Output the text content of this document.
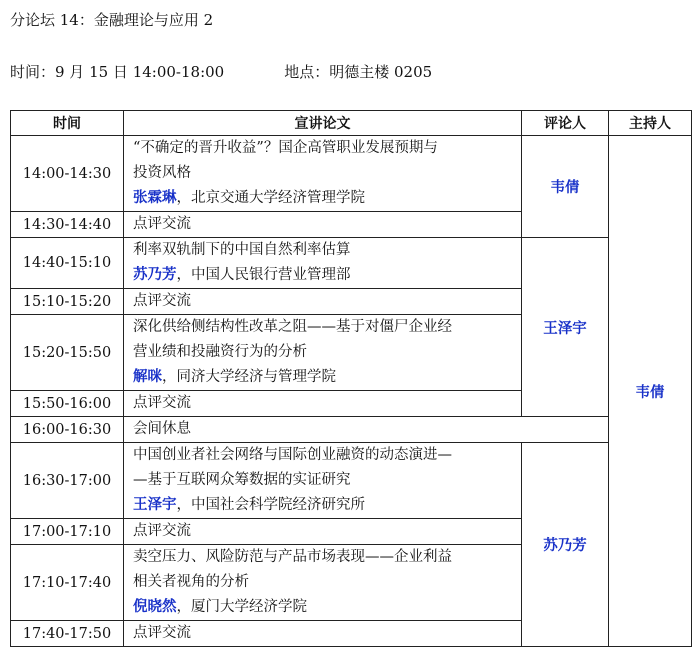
分论坛 14：金融理论与应用 2
时间：9 月 15 日 14:00-18:00	地点：明德主楼 0205
时间	宣讲论文	评论人	主持人
14:00-14:30	“不确定的晋升收益”？国企高管职业发展预期与
投资风格
张霖琳，北京交通大学经济管理学院	韦倩	韦倩
14:30-14:40	点评交流		

14:40-15:10	利率双轨制下的中国自然利率估算
苏乃芳，中国人民银行营业管理部	王泽宇	
15:10-15:20	点评交流		

15:20-15:50	深化供给侧结构性改革之阻——基于对僵尸企业经
营业绩和投融资行为的分析
解咪，同济大学经济与管理学院		

15:50-16:00	点评交流		

16:00-16:30	会间休息		

16:30-17:00	中国创业者社会网络与国际创业融资的动态演进—
—基于互联网众筹数据的实证研究
王泽宇，中国社会科学院经济研究所	苏乃芳	
17:00-17:10	点评交流		

17:10-17:40	卖空压力、风险防范与产品市场表现——企业利益
相关者视角的分析
倪晓然，厦门大学经济学院		

17:40-17:50	点评交流		
